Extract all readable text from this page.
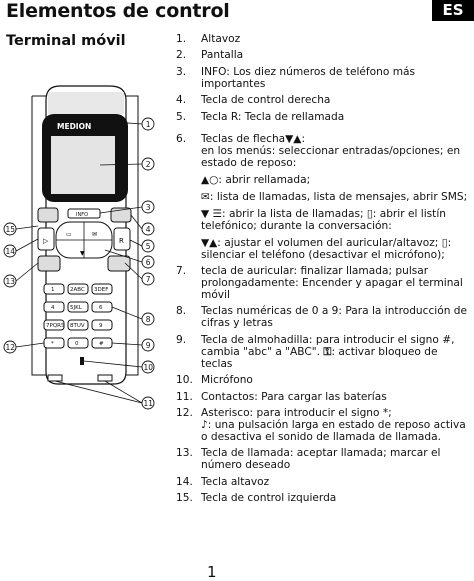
Elementos de control	ES
Terminal móvil
MEDION
INFO
▷
▭	✉
▼
R
1	2ABC 3DEF
4	5JKL	6
7PQRS 8TUV	9
*	0	#
1
2
3
4
5
6
7
8
9
10
11
15
14
13
12
1. Altavoz
2. Pantalla
3. INFO: Los diez números de teléfono más importantes
4. Tecla de control derecha
5. Tecla R: Tecla de rellamada
6. Teclas de flecha▼▲:
en los menús: seleccionar entradas/opciones; en estado de reposo:
▲○: abrir rellamada;
✉: lista de llamadas, lista de mensajes, abrir SMS;
▼ ☰: abrir la lista de llamadas; ▯: abrir el listín telefónico; durante la conversación:
▼▲: ajustar el volumen del auricular/altavoz; ▯: silenciar el teléfono (desactivar el micrófono);
7. tecla de auricular: finalizar llamada; pulsar prolongadamente: Encender y apagar el terminal móvil
8. Teclas numéricas de 0 a 9: Para la introducción de cifras y letras
9. Tecla de almohadilla: para introducir el signo #, cambia "abc" a "ABC". ⚿: activar bloqueo de teclas
10. Micrófono
11. Contactos: Para cargar las baterías
12. Asterisco: para introducir el signo *;
♪: una pulsación larga en estado de reposo activa o desactiva el sonido de llamada de llamada.
13. Tecla de llamada: aceptar llamada; marcar el número deseado
14. Tecla altavoz
15. Tecla de control izquierda
1
